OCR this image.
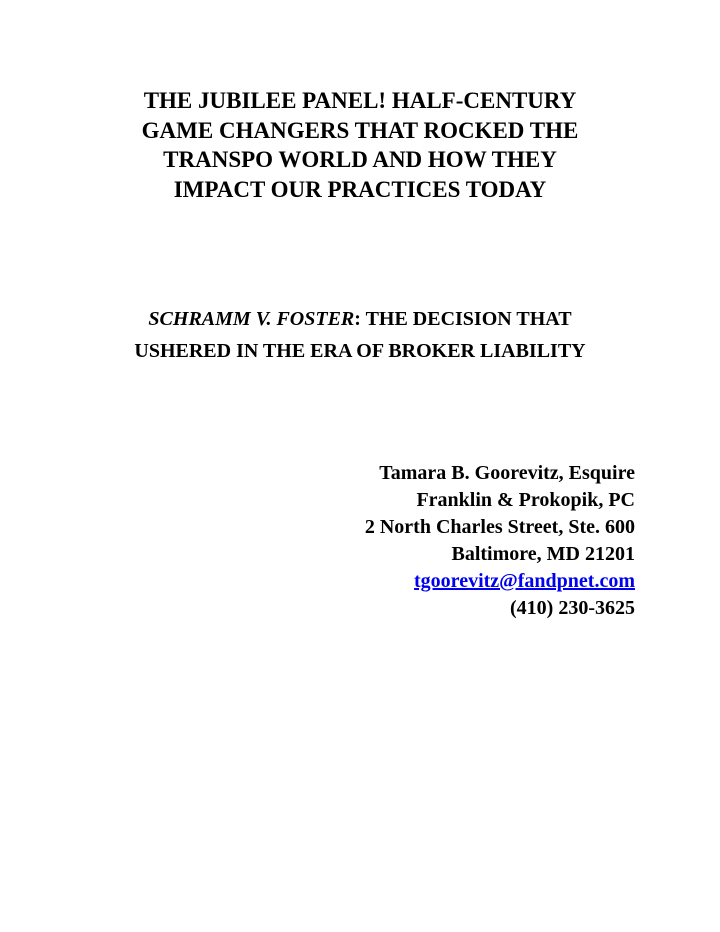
THE JUBILEE PANEL! HALF-CENTURY
GAME CHANGERS THAT ROCKED THE
TRANSPO WORLD AND HOW THEY
IMPACT OUR PRACTICES TODAY
SCHRAMM V. FOSTER: THE DECISION THAT
USHERED IN THE ERA OF BROKER LIABILITY
Tamara B. Goorevitz, Esquire
Franklin & Prokopik, PC
2 North Charles Street, Ste. 600
Baltimore, MD 21201
tgoorevitz@fandpnet.com
(410) 230-3625
